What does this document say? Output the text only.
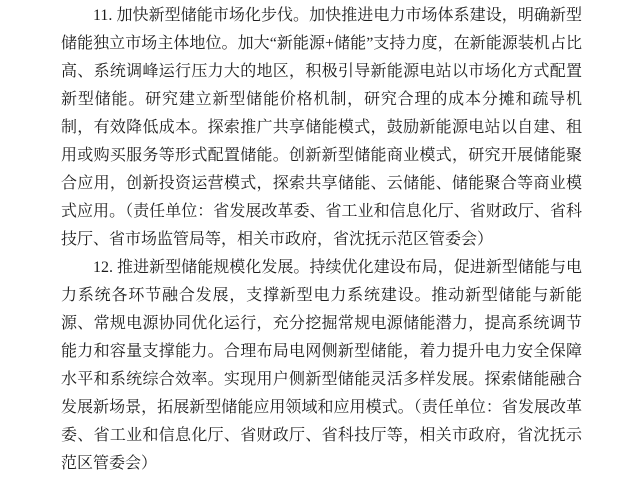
11. 加快新型储能市场化步伐。加快推进电力市场体系建设，明确新型储能独立市场主体地位。加大“新能源+储能”支持力度，在新能源装机占比高、系统调峰运行压力大的地区，积极引导新能源电站以市场化方式配置新型储能。研究建立新型储能价格机制，研究合理的成本分摊和疏导机制，有效降低成本。探索推广共享储能模式，鼓励新能源电站以自建、租用或购买服务等形式配置储能。创新新型储能商业模式，研究开展储能聚合应用，创新投资运营模式，探索共享储能、云储能、储能聚合等商业模式应用。（责任单位：省发展改革委、省工业和信息化厅、省财政厅、省科技厅、省市场监管局等，相关市政府，省沈抚示范区管委会）

12. 推进新型储能规模化发展。持续优化建设布局，促进新型储能与电力系统各环节融合发展，支撑新型电力系统建设。推动新型储能与新能源、常规电源协同优化运行，充分挖掘常规电源储能潜力，提高系统调节能力和容量支撑能力。合理布局电网侧新型储能，着力提升电力安全保障水平和系统综合效率。实现用户侧新型储能灵活多样发展。探索储能融合发展新场景，拓展新型储能应用领域和应用模式。（责任单位：省发展改革委、省工业和信息化厅、省财政厅、省科技厅等，相关市政府，省沈抚示范区管委会）
